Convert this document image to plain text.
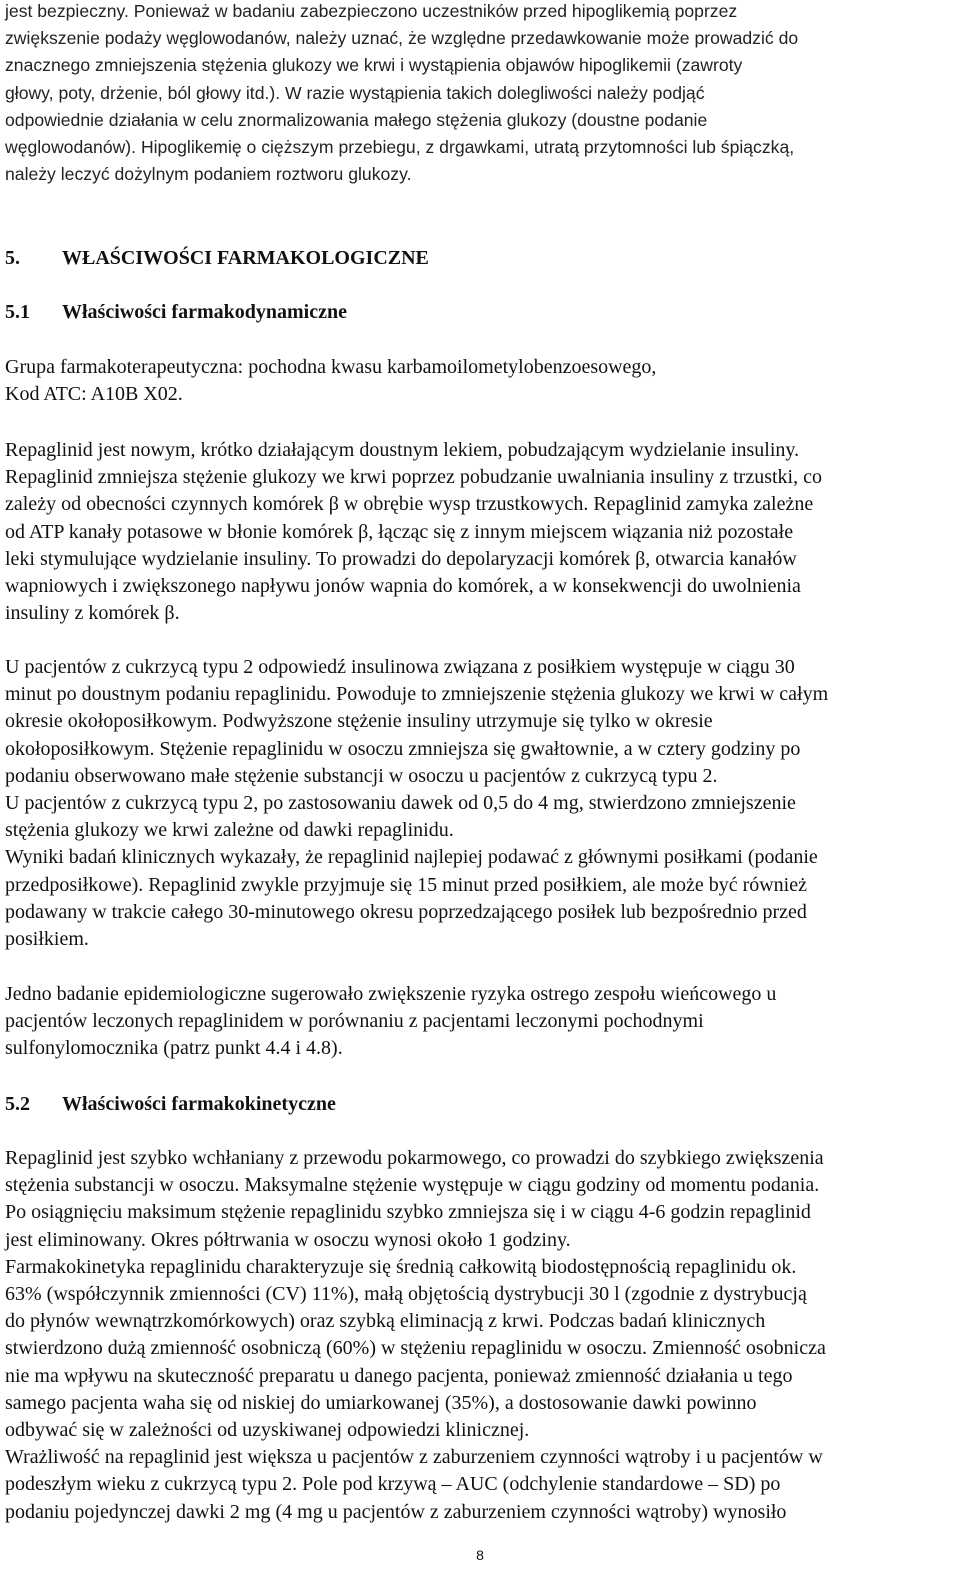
jest bezpieczny. Ponieważ w badaniu zabezpieczono uczestników przed hipoglikemią poprzez
zwiększenie podaży węglowodanów, należy uznać, że względne przedawkowanie może prowadzić do
znacznego zmniejszenia stężenia glukozy we krwi i wystąpienia objawów hipoglikemii (zawroty
głowy, poty, drżenie, ból głowy itd.). W razie wystąpienia takich dolegliwości należy podjąć
odpowiednie działania w celu znormalizowania małego stężenia glukozy (doustne podanie
węglowodanów). Hipoglikemię o cięższym przebiegu, z drgawkami, utratą przytomności lub śpiączką,
należy leczyć dożylnym podaniem roztworu glukozy.
5. WŁAŚCIWOŚCI FARMAKOLOGICZNE
5.1 Właściwości farmakodynamiczne
Grupa farmakoterapeutyczna: pochodna kwasu karbamoilometylobenzoesowego,
Kod ATC: A10B X02.
Repaglinid jest nowym, krótko działającym doustnym lekiem, pobudzającym wydzielanie insuliny.
Repaglinid zmniejsza stężenie glukozy we krwi poprzez pobudzanie uwalniania insuliny z trzustki, co
zależy od obecności czynnych komórek β w obrębie wysp trzustkowych. Repaglinid zamyka zależne
od ATP kanały potasowe w błonie komórek β, łącząc się z innym miejscem wiązania niż pozostałe
leki stymulujące wydzielanie insuliny. To prowadzi do depolaryzacji komórek β, otwarcia kanałów
wapniowych i zwiększonego napływu jonów wapnia do komórek, a w konsekwencji do uwolnienia
insuliny z komórek β.
U pacjentów z cukrzycą typu 2 odpowiedź insulinowa związana z posiłkiem występuje w ciągu 30
minut po doustnym podaniu repaglinidu. Powoduje to zmniejszenie stężenia glukozy we krwi w całym
okresie okołoposiłkowym. Podwyższone stężenie insuliny utrzymuje się tylko w okresie
okołoposiłkowym. Stężenie repaglinidu w osoczu zmniejsza się gwałtownie, a w cztery godziny po
podaniu obserwowano małe stężenie substancji w osoczu u pacjentów z cukrzycą typu 2.
U pacjentów z cukrzycą typu 2, po zastosowaniu dawek od 0,5 do 4 mg, stwierdzono zmniejszenie
stężenia glukozy we krwi zależne od dawki repaglinidu.
Wyniki badań klinicznych wykazały, że repaglinid najlepiej podawać z głównymi posiłkami (podanie
przedposiłkowe). Repaglinid zwykle przyjmuje się 15 minut przed posiłkiem, ale może być również
podawany w trakcie całego 30-minutowego okresu poprzedzającego posiłek lub bezpośrednio przed
posiłkiem.
Jedno badanie epidemiologiczne sugerowało zwiększenie ryzyka ostrego zespołu wieńcowego u
pacjentów leczonych repaglinidem w porównaniu z pacjentami leczonymi pochodnymi
sulfonylomocznika (patrz punkt 4.4 i 4.8).
5.2 Właściwości farmakokinetyczne
Repaglinid jest szybko wchłaniany z przewodu pokarmowego, co prowadzi do szybkiego zwiększenia
stężenia substancji w osoczu. Maksymalne stężenie występuje w ciągu godziny od momentu podania.
Po osiągnięciu maksimum stężenie repaglinidu szybko zmniejsza się i w ciągu 4-6 godzin repaglinid
jest eliminowany. Okres półtrwania w osoczu wynosi około 1 godziny.
Farmakokinetyka repaglinidu charakteryzuje się średnią całkowitą biodostępnością repaglinidu ok.
63% (współczynnik zmienności (CV) 11%), małą objętością dystrybucji 30 l (zgodnie z dystrybucją
do płynów wewnątrzkomórkowych) oraz szybką eliminacją z krwi. Podczas badań klinicznych
stwierdzono dużą zmienność osobniczą (60%) w stężeniu repaglinidu w osoczu. Zmienność osobnicza
nie ma wpływu na skuteczność preparatu u danego pacjenta, ponieważ zmienność działania u tego
samego pacjenta waha się od niskiej do umiarkowanej (35%), a dostosowanie dawki powinno
odbywać się w zależności od uzyskiwanej odpowiedzi klinicznej.
Wrażliwość na repaglinid jest większa u pacjentów z zaburzeniem czynności wątroby i u pacjentów w
podeszłym wieku z cukrzycą typu 2. Pole pod krzywą – AUC (odchylenie standardowe – SD) po
podaniu pojedynczej dawki 2 mg (4 mg u pacjentów z zaburzeniem czynności wątroby) wynosiło
8
